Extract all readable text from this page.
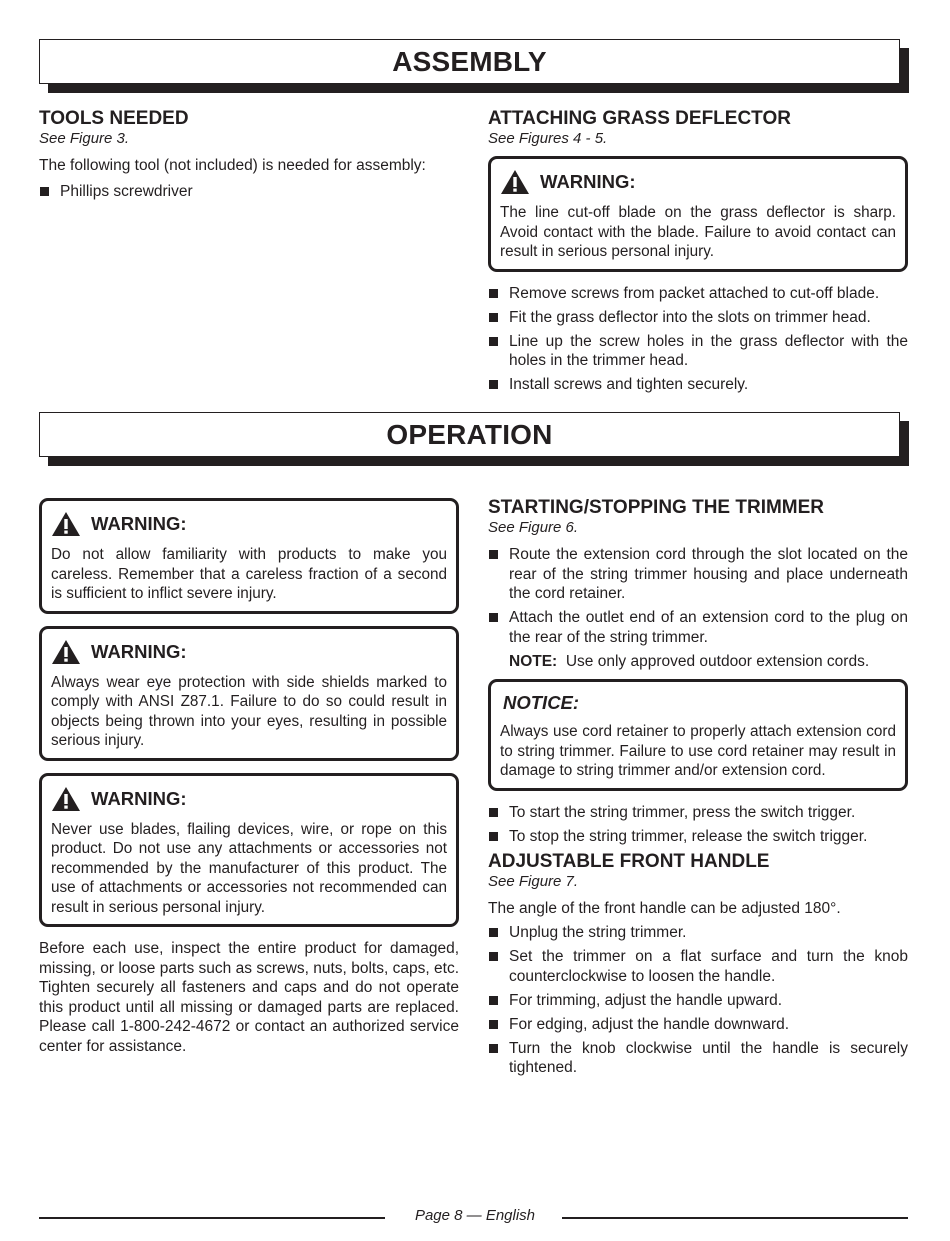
ASSEMBLY
TOOLS NEEDED

See Figure 3.

The following tool (not included) is needed for assembly:

Phillips screwdriver
ATTACHING GRASS DEFLECTOR

See Figures 4 - 5.

WARNING:

The line cut-off blade on the grass deflector is sharp. Avoid contact with the blade. Failure to avoid contact can result in serious personal injury.

Remove screws from packet attached to cut-off blade.
Fit the grass deflector into the slots on trimmer head.
Line up the screw holes in the grass deflector with the holes in the trimmer head.
Install screws and tighten securely.
OPERATION
WARNING:

Do not allow familiarity with products to make you careless. Remember that a careless fraction of a second is sufficient to inflict severe injury.

WARNING:

Always wear eye protection with side shields marked to comply with ANSI Z87.1. Failure to do so could result in objects being thrown into your eyes, resulting in possible serious injury.

WARNING:

Never use blades, flailing devices, wire, or rope on this product. Do not use any attachments or accessories not recommended by the manufacturer of this product. The use of attachments or accessories not recommended can result in serious personal injury.

Before each use, inspect the entire product for damaged, missing, or loose parts such as screws, nuts, bolts, caps, etc. Tighten securely all fasteners and caps and do not operate this product until all missing or damaged parts are replaced. Please call 1-800-242-4672 or contact an authorized service center for assistance.

STARTING/STOPPING THE TRIMMER

See Figure 6.

Route the extension cord through the slot located on the rear of the string trimmer housing and place underneath the cord retainer.
Attach the outlet end of an extension cord to the plug on the rear of the string trimmer.

NOTE: Use only approved outdoor extension cords.

NOTICE:

Always use cord retainer to properly attach extension cord to string trimmer. Failure to use cord retainer may result in damage to string trimmer and/or extension cord.

To start the string trimmer, press the switch trigger.
To stop the string trimmer, release the switch trigger.
ADJUSTABLE FRONT HANDLE

See Figure 7.

The angle of the front handle can be adjusted 180°.

Unplug the string trimmer.
Set the trimmer on a flat surface and turn the knob counterclockwise to loosen the handle.
For trimming, adjust the handle upward.
For edging, adjust the handle downward.
Turn the knob clockwise until the handle is securely tightened.
Page 8 — English
